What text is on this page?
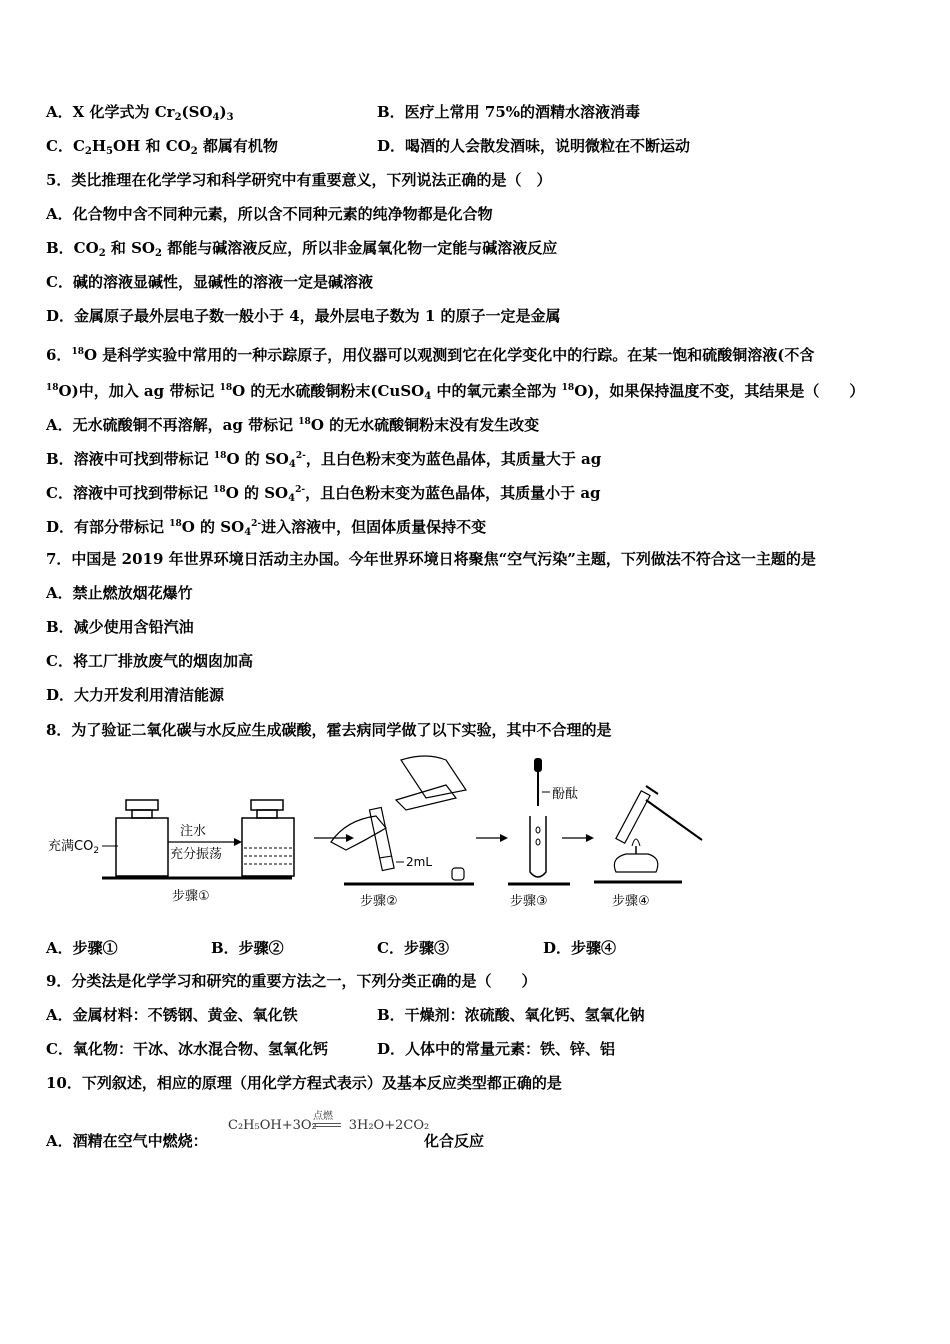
A．X 化学式为 $Cr_2(SO_4)_3$	B．医疗上常用 75%的酒精水溶液消毒
C．$C_2H_5OH$ 和 $CO_2$ 都属有机物	D．喝酒的人会散发酒味，说明微粒在不断运动
5．类比推理在化学学习和科学研究中有重要意义，下列说法正确的是（　）
A．化合物中含不同种元素，所以含不同种元素的纯净物都是化合物
B．$CO_2$ 和 $SO_2$ 都能与碱溶液反应，所以非金属氧化物一定能与碱溶液反应
C．碱的溶液显碱性，显碱性的溶液一定是碱溶液
D．金属原子最外层电子数一般小于 4，最外层电子数为 1 的原子一定是金属
6．$^{18}$O 是科学实验中常用的一种示踪原子，用仪器可以观测到它在化学变化中的行踪。在某一饱和硫酸铜溶液(不含
$^{18}$O)中，加入 ag 带标记 $^{18}$O 的无水硫酸铜粉末(CuSO$_4$ 中的氧元素全部为 $^{18}$O)，如果保持温度不变，其结果是（　　）
A．无水硫酸铜不再溶解，ag 带标记 $^{18}$O 的无水硫酸铜粉末没有发生改变
B．溶液中可找到带标记 $^{18}$O 的 $SO_4^{2-}$，且白色粉末变为蓝色晶体，其质量大于 ag
C．溶液中可找到带标记 $^{18}$O 的 $SO_4^{2-}$，且白色粉末变为蓝色晶体，其质量小于 ag
D．有部分带标记 $^{18}$O 的 $SO_4^{2-}$进入溶液中，但固体质量保持不变
7．中国是 2019 年世界环境日活动主办国。今年世界环境日将聚焦“空气污染”主题，下列做法不符合这一主题的是
A．禁止燃放烟花爆竹
B．减少使用含铅汽油
C．将工厂排放废气的烟囱加高
D．大力开发利用清洁能源
8．为了验证二氧化碳与水反应生成碳酸，霍去病同学做了以下实验，其中不合理的是
充满$CO_2$
注水
充分振荡
步骤①
2mL
步骤②
酚酞
步骤③	步骤④
A．步骤①	B．步骤②	C．步骤③	D．步骤④
9．分类法是化学学习和研究的重要方法之一，下列分类正确的是（　　）
A．金属材料：不锈钢、黄金、氧化铁	B．干燥剂：浓硫酸、氧化钙、氢氧化钠
C．氧化物：干冰、冰水混合物、氢氧化钙	D．人体中的常量元素：铁、锌、铝
10．下列叙述，相应的原理（用化学方程式表示）及基本反应类型都正确的是
A．酒精在空气中燃烧：
C₂H₅OH+3O₂ 3H₂O+2CO₂
点燃
化合反应
